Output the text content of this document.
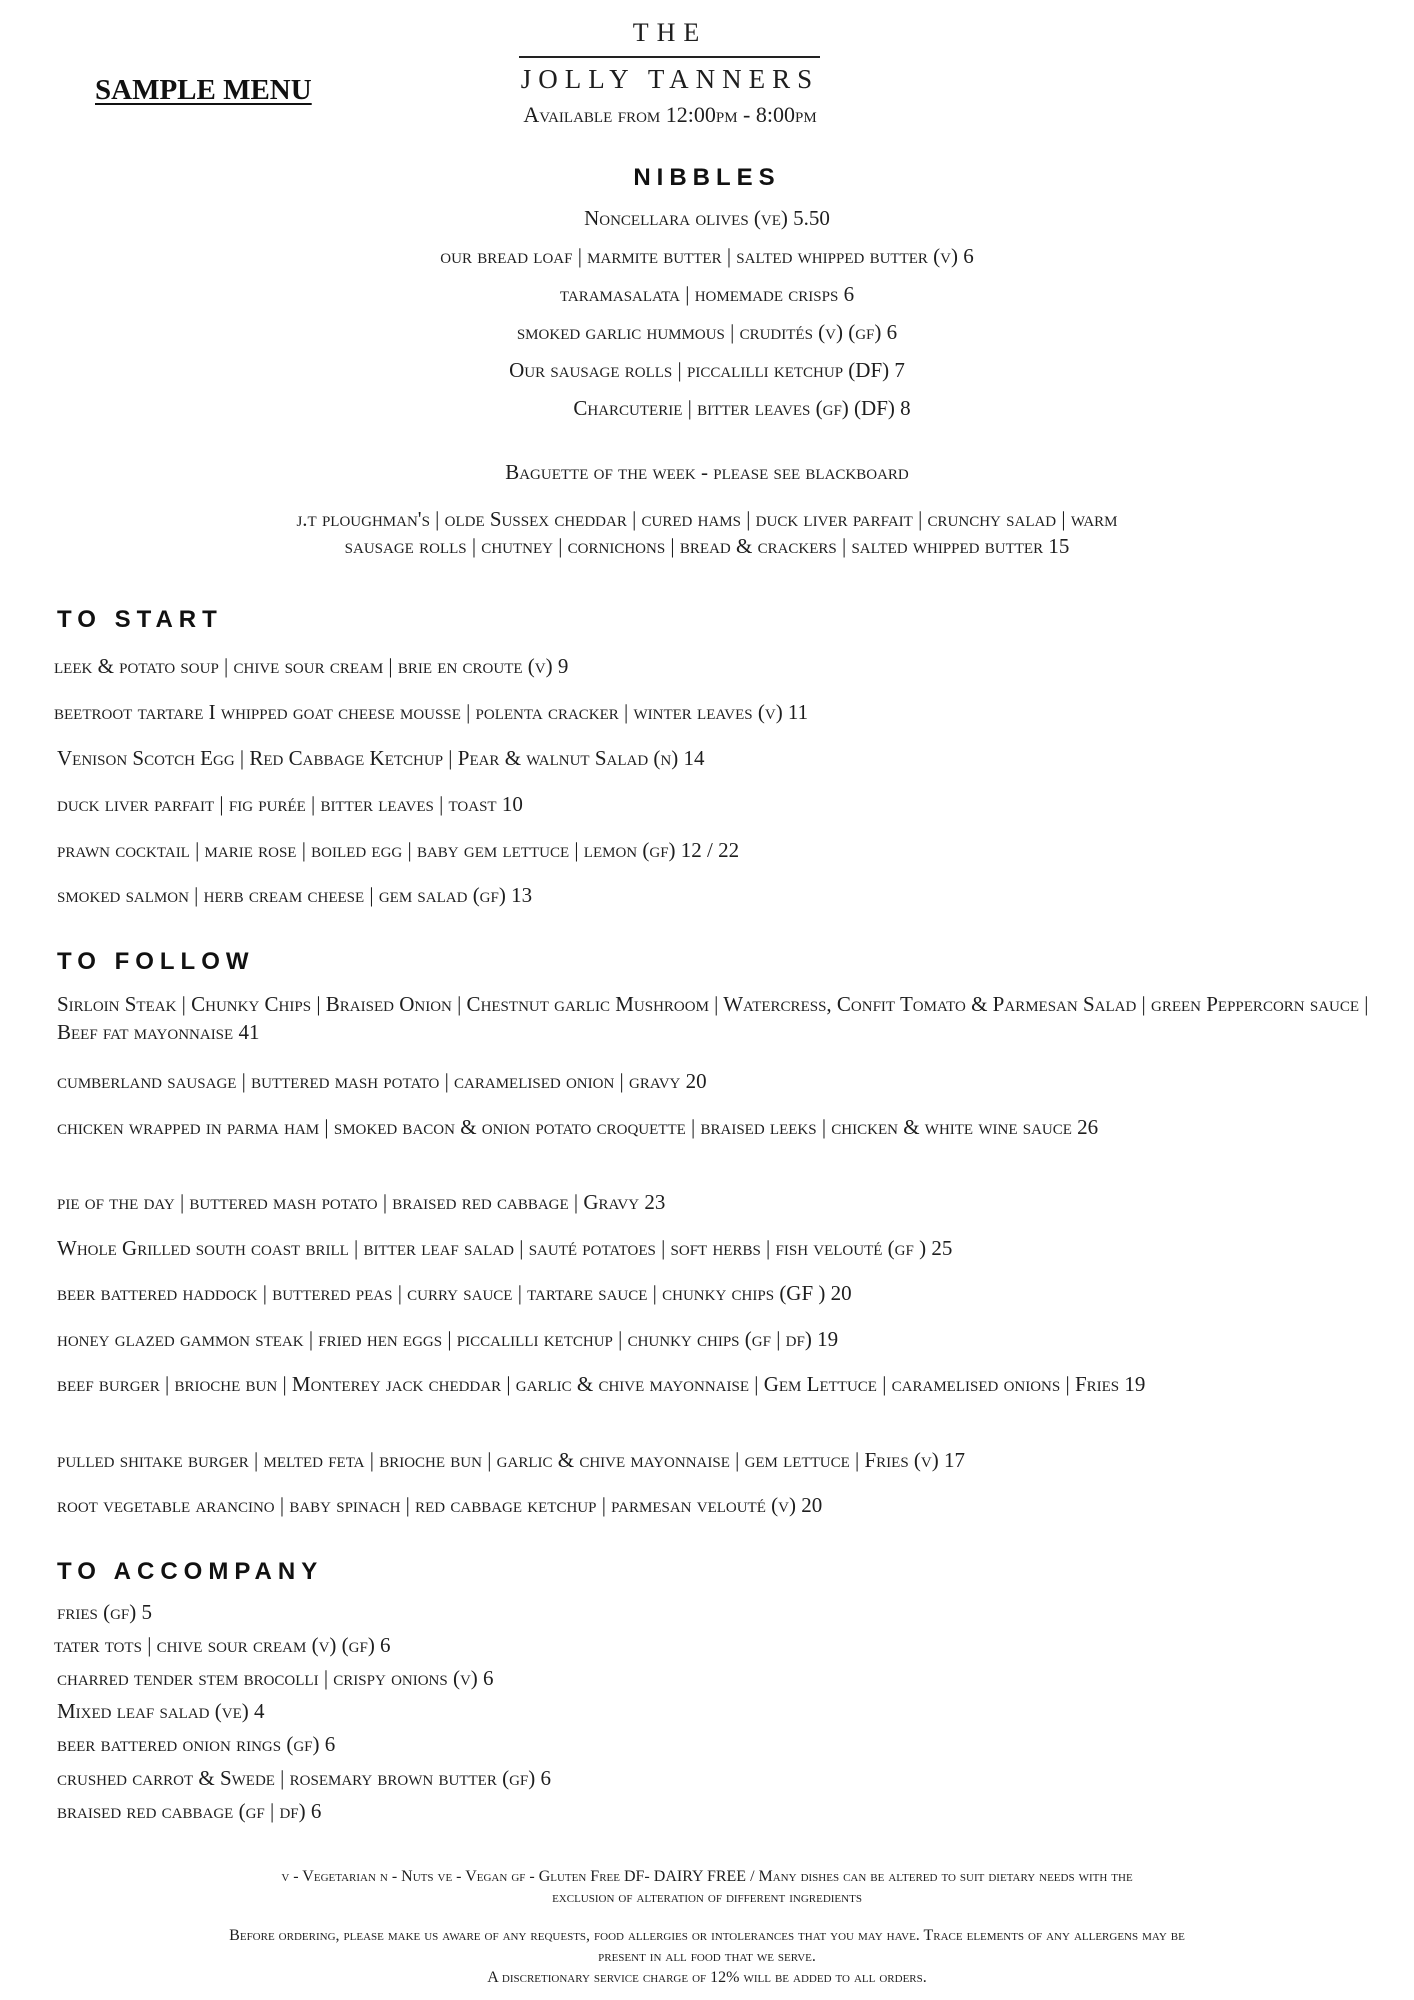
SAMPLE MENU
THE
JOLLY TANNERS
Available from 12:00pm - 8:00pm
NIBBLES
Noncellara olives (ve) 5.50
our bread loaf | marmite butter | salted whipped butter (v) 6
taramasalata | homemade crisps 6
smoked garlic hummous | crudités (v) (gf) 6
Our sausage rolls | piccalilli ketchup (DF) 7
Charcuterie | bitter leaves (gf) (DF) 8
Baguette of the week - please see blackboard
j.t ploughman's | olde Sussex cheddar | cured hams | duck liver parfait | crunchy salad | warm
sausage rolls | chutney | cornichons | bread & crackers | salted whipped butter 15
TO START
leek & potato soup | chive sour cream | brie en croute (v) 9
beetroot tartare I whipped goat cheese mousse | polenta cracker | winter leaves (v) 11
Venison Scotch Egg | Red Cabbage Ketchup | Pear & walnut Salad (n) 14
duck liver parfait | fig purée | bitter leaves | toast 10
prawn cocktail | marie rose | boiled egg | baby gem lettuce | lemon (gf) 12 / 22
smoked salmon | herb cream cheese | gem salad (gf) 13
TO FOLLOW
Sirloin Steak | Chunky Chips | Braised Onion | Chestnut garlic Mushroom | Watercress, Confit Tomato & Parmesan Salad | green Peppercorn sauce | Beef fat mayonnaise 41
cumberland sausage | buttered mash potato | caramelised onion | gravy 20
chicken wrapped in parma ham | smoked bacon & onion potato croquette | braised leeks | chicken & white wine sauce 26
pie of the day | buttered mash potato | braised red cabbage | Gravy 23
Whole Grilled south coast brill | bitter leaf salad | sauté potatoes | soft herbs | fish velouté (gf ) 25
beer battered haddock | buttered peas | curry sauce | tartare sauce | chunky chips (GF ) 20
honey glazed gammon steak | fried hen eggs | piccalilli ketchup | chunky chips (gf | df) 19
beef burger | brioche bun | Monterey jack cheddar | garlic & chive mayonnaise | Gem Lettuce | caramelised onions | Fries 19
pulled shitake burger | melted feta | brioche bun | garlic & chive mayonnaise | gem lettuce | Fries (v) 17
root vegetable arancino | baby spinach | red cabbage ketchup | parmesan velouté (v) 20
TO ACCOMPANY
fries (gf) 5
tater tots | chive sour cream (v) (gf) 6
charred tender stem brocolli | crispy onions (v) 6
Mixed leaf salad (ve) 4
beer battered onion rings (gf) 6
crushed carrot & Swede | rosemary brown butter (gf) 6
braised red cabbage (gf | df) 6
v - Vegetarian n - Nuts ve - Vegan gf - Gluten Free DF- DAIRY FREE / Many dishes can be altered to suit dietary needs with the
exclusion of alteration of different ingredients
Before ordering, please make us aware of any requests, food allergies or intolerances that you may have. Trace elements of any allergens may be
present in all food that we serve.
A discretionary service charge of 12% will be added to all orders.
